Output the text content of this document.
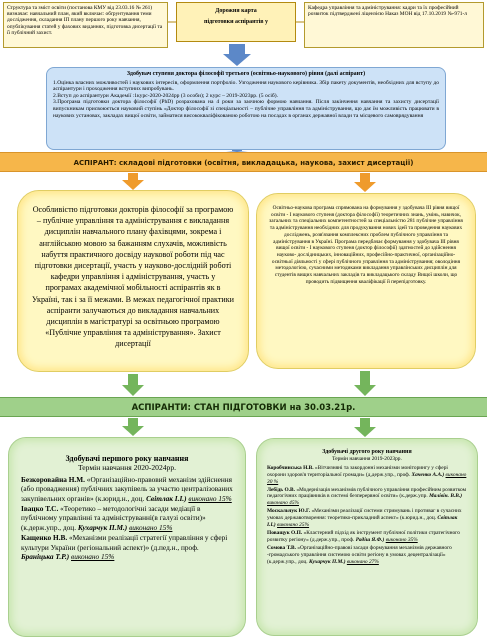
Структура та зміст освіти (постанова КМУ від 23.03.16 № 261) визначає: навчальний план, який включає: обґрунтування теми дослідження, складання ІП плану першого року навчання, опублікування статей у фахових виданнях, підготовка дисертації та її публічний захист.
Дорожня карта
підготовки аспірантів у
Кафедра управління та адміністрування: кадри та їх професійний розвиток підтверджені ліцензією Наказ МОН від 17.10.2019 №-971-л
Здобувач ступеня доктора філософії третього (освітньо-наукового) рівня (далі аспірант)

1.Оцінка власних можливостей і наукових інтересів, оформлення портфоліо. Узгодження наукового керівника. Збір пакету документів, необхідних для вступу до аспірантури і проходження вступних випробувань.

2.Вступ до аспірантури Академії :1курс-2020-2024рр (3 особи); 2 курс – 2019-2023рр. (5 осіб).

3.Програма підготовки доктора філософії (PhD) розрахована на 4 роки за заочною формою навчання. Після закінчення навчання та захисту дисертації випускникам присвоюється науковий ступінь «Доктор філософії зі спеціальності – публічне управління та адміністрування, що дає їм можливість працювати в наукових установах, закладах вищої освіти, займатися висококваліфікованою роботою на посадах в органах державної влади та місцевого самоврядування

АСПІРАНТ: складові підготовки (освітня, викладацька, наукова, захист дисертації)
Особливістю підготовки докторів філософії за програмою – публічне управління та адміністрування є викладання дисциплін навчального плану фахівцями, зокрема і англійською мовою за бажанням слухачів, можливість набуття практичного досвіду наукової роботи під час підготовки дисертації, участь у науково-дослідній роботі кафедри управління і адміністрування, участь у програмах академічної мобільності аспірантів як в Україні, так і за її межами. В межах педагогічної практики аспіранти залучаються до викладання навчальних дисциплін в магістратурі за освітньою програмою «Публічне управління та адміністрування». Захист дисертації
Освітньо-наукова програма спрямована на формування у здобувача ІІІ рівня вищої освіти - І наукового ступеня (доктора філософії) теоретичних знань, умінь, навичок, загальних та спеціальних компетентностей за спеціальністю 281 публічне управління та адміністрування необхідних для продукування нових ідей та проведення наукових досліджень, розв'язання комплексних проблем публічного управління та адміністрування в Україні. Програма передбачає формування у здобувача ІІІ рівня вищої освіти - І наукового ступеня (доктор філософії) здатностей до здійснення науково- дослідницьких, інноваційних, професійно-практичної, організаційно-освітньої діяльності у сфері публічного управління та адміністрування; оволодіння методологією, сучасними методиками викладання управлінських дисциплін для студентів вищих навчальних закладів та викладацького складу Вищої школи, що проводить підвищення кваліфікації й перепідготовку.
АСПІРАНТИ: СТАН ПІДГОТОВКИ на 30.03.21р.
Здобувачі першого року навчання
Термін навчання 2020-2024рр.
Безкоровайна Н.М. «Організаційно-правовий механізм здійснення (або провадження) публічних закупівель за участю централізованих закупівельних органів» (к.юрид.н., доц. Світлак І.І.) виконано 15%
Івацко Т.С. «Теоретико – методологічні засади медіації в публічному управлінні та адмініструванні(в галузі освіти)» (к.держ.упр., доц. Кухарчук П.М.) виконано 15%
Кащенко Н.В. «Механізми реалізації стратегії управління у сфері культури України (регіональний аспект)» (д.пед.н., проф. Браніцька Т.Р.) виконано 15%
Здобувачі другого року навчання
Термін навчання 2019-2023рр.
Коробчинська Н.В. «Вітчизняні та закордонні механізми моніторингу у сфері охорони здоров'я територіальної громади» (д.держ.упр., проф. Хаченко А.А.) виконано 30 %
Лебідь О.В. «Модернізація механізмів публічного управління професійним розвитком педагогічних працівників в системі безперервної освіти» (к.держ.упр. Малівін. В.В.) виконано 45%
Москальчук Ю.Г. «Механізми реалізації системи стримувань і противаг в сучасних умовах державотворення: теоретико-прикладний аспект» (к.юрид.н., доц. Світлак І.І.) виконано 25%
Поващук О.П. «Кластерний підхід як інструмент публічної політики стратегічного розвитку регіону» (д.держ.упр., проф. Радіш Я.Ф.) виконано 35%
Сомова Т.В. «Організаційно-правові засади формування механізмів державного -громадського управління системою освіти регіону в умовах децентралізації» (к.держ.упр., доц. Кухарчук П.М.) виконано 27%
